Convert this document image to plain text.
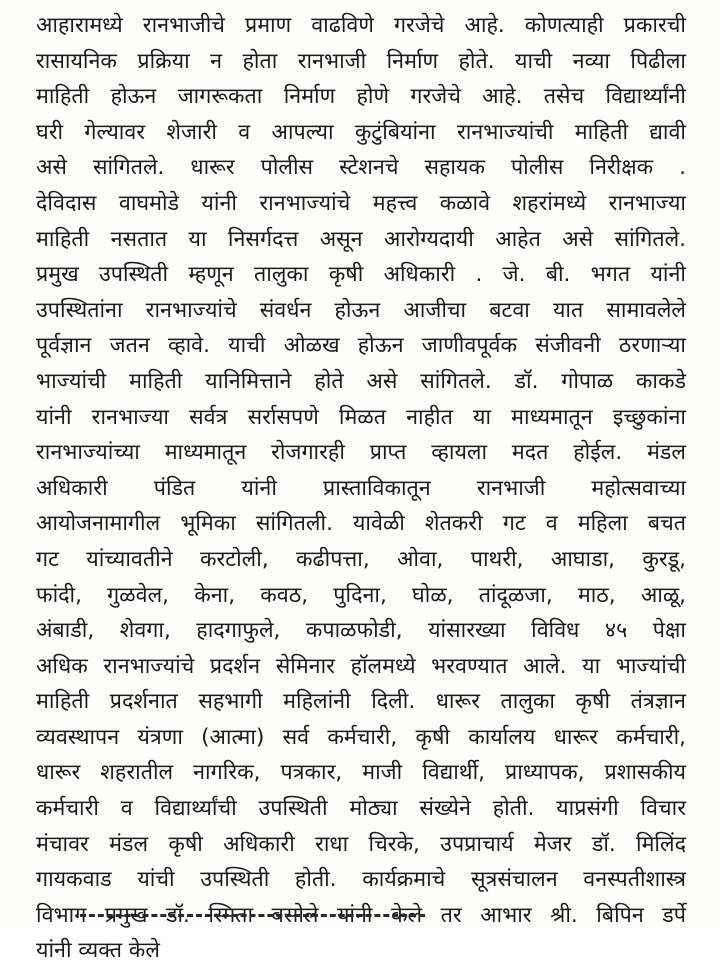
आहारामध्ये रानभाजीचे प्रमाण वाढविणे गरजेचे आहे. कोणत्याही प्रकारची
रासायनिक प्रक्रिया न होता रानभाजी निर्माण होते. याची नव्या पिढीला
माहिती होऊन जागरूकता निर्माण होणे गरजेचे आहे. तसेच विद्यार्थ्यांनी
घरी गेल्यावर शेजारी व आपल्या कुटुंबियांना रानभाज्यांची माहिती द्यावी
असे सांगितले. धारूर पोलीस स्टेशनचे सहायक पोलीस निरीक्षक .
देविदास वाघमोडे यांनी रानभाज्यांचे महत्त्व कळावे शहरांमध्ये रानभाज्या
माहिती नसतात या निसर्गदत्त असून आरोग्यदायी आहेत असे सांगितले.
प्रमुख उपस्थिती म्हणून तालुका कृषी अधिकारी . जे. बी. भगत यांनी
उपस्थितांना रानभाज्यांचे संवर्धन होऊन आजीचा बटवा यात सामावलेले
पूर्वज्ञान जतन व्हावे. याची ओळख होऊन जाणीवपूर्वक संजीवनी ठरणाऱ्या
भाज्यांची माहिती यानिमित्ताने होते असे सांगितले. डॉ. गोपाळ काकडे
यांनी रानभाज्या सर्वत्र सर्रासपणे मिळत नाहीत या माध्यमातून इच्छुकांना
रानभाज्यांच्या माध्यमातून रोजगारही प्राप्त व्हायला मदत होईल. मंडल
अधिकारी पंडित यांनी प्रास्ताविकातून रानभाजी महोत्सवाच्या
आयोजनामागील भूमिका सांगितली. यावेळी शेतकरी गट व महिला बचत
गट यांच्यावतीने करटोली, कढीपत्ता, ओवा, पाथरी, आघाडा, कुरडू,
फांदी, गुळवेल, केना, कवठ, पुदिना, घोळ, तांदूळजा, माठ, आळू,
अंबाडी, शेवगा, हादगाफुले, कपाळफोडी, यांसारख्या विविध ४५ पेक्षा
अधिक रानभाज्यांचे प्रदर्शन सेमिनार हॉलमध्ये भरवण्यात आले. या भाज्यांची
माहिती प्रदर्शनात सहभागी महिलांनी दिली. धारूर तालुका कृषी तंत्रज्ञान
व्यवस्थापन यंत्रणा (आत्मा) सर्व कर्मचारी, कृषी कार्यालय धारूर कर्मचारी,
धारूर शहरातील नागरिक, पत्रकार, माजी विद्यार्थी, प्राध्यापक, प्रशासकीय
कर्मचारी व विद्यार्थ्यांची उपस्थिती मोठ्या संख्येने होती. याप्रसंगी विचार
मंचावर मंडल कृषी अधिकारी राधा चिरके, उपप्राचार्य मेजर डॉ. मिलिंद
गायकवाड यांची उपस्थिती होती. कार्यक्रमाचे सूत्रसंचालन वनस्पतीशास्त्र
विभाग प्रमुख डॉ. स्मिता बसोले यांनी केले तर आभार श्री. बिपिन डर्पे
यांनी व्यक्त केले
